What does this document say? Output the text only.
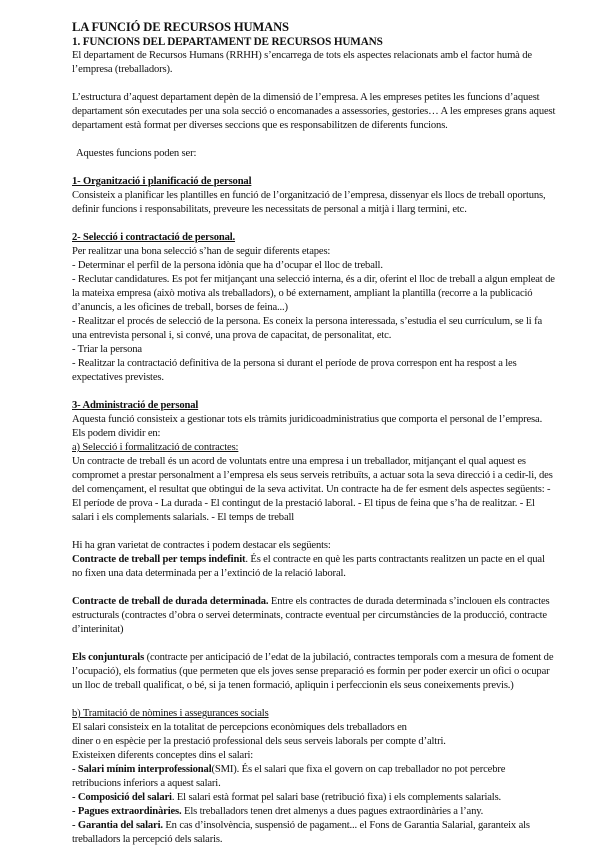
LA FUNCIÓ DE RECURSOS HUMANS
1. FUNCIONS DEL DEPARTAMENT DE RECURSOS HUMANS

El departament de Recursos Humans (RRHH) s’encarrega de tots els aspectes relacionats amb el factor humà de l’empresa (treballadors).

L’estructura d’aquest departament depèn de la dimensió de l’empresa. A les empreses petites les funcions d’aquest departament són executades per una sola secció o encomanades a assessories, gestories… A les empreses grans aquest departament està format per diverses seccions que es responsabilitzen de diferents funcions.

Aquestes funcions poden ser:

1- Organització i planificació de personal

Consisteix a planificar les plantilles en funció de l’organització de l’empresa, dissenyar els llocs de treball oportuns, definir funcions i responsabilitats, preveure les necessitats de personal a mitjà i llarg termini, etc.

2- Selecció i contractació de personal.

Per realitzar una bona selecció s’han de seguir diferents etapes:

- Determinar el perfil de la persona idònia que ha d’ocupar el lloc de treball.

- Reclutar candidatures. Es pot fer mitjançant una selecció interna, és a dir, oferint el lloc de treball a algun empleat de la mateixa empresa (això motiva als treballadors), o bé externament, ampliant la plantilla (recorre a la publicació d’anuncis, a les oficines de treball, borses de feina...)

- Realitzar el procés de selecció de la persona. Es coneix la persona interessada, s’estudia el seu currículum, se li fa una entrevista personal i, si convé, una prova de capacitat, de personalitat, etc.

- Triar la persona

- Realitzar la contractació definitiva de la persona si durant el període de prova correspon ent ha respost a les expectatives previstes.

3- Administració de personal

Aquesta funció consisteix a gestionar tots els tràmits juridicoadministratius que comporta el personal de l’empresa. Els podem dividir en:

a) Selecció i formalització de contractes:

Un contracte de treball és un acord de voluntats entre una empresa i un treballador, mitjançant el qual aquest es compromet a prestar personalment a l’empresa els seus serveis retribuïts, a actuar sota la seva direcció i a cedir-li, des del començament, el resultat que obtingui de la seva activitat. Un contracte ha de fer esment dels aspectes següents: - El període de prova - La durada - El contingut de la prestació laboral. - El tipus de feina que s’ha de realitzar. - El salari i els complements salarials. - El temps de treball

Hi ha gran varietat de contractes i podem destacar els següents:

Contracte de treball per temps indefinit. És el contracte en què les parts contractants realitzen un pacte en el qual no fixen una data determinada per a l’extinció de la relació laboral.

Contracte de treball de durada determinada. Entre els contractes de durada determinada s’inclouen els contractes estructurals (contractes d’obra o servei determinats, contracte eventual per circumstàncies de la producció, contracte d’interinitat)

Els conjunturals (contracte per anticipació de l’edat de la jubilació, contractes temporals com a mesura de foment de l’ocupació), els formatius (que permeten que els joves sense preparació es formin per poder exercir un ofici o ocupar un lloc de treball qualificat, o bé, si ja tenen formació, apliquin i perfeccionin els seus coneixements previs.)

b) Tramitació de nòmines i assegurances socials

El salari consisteix en la totalitat de percepcions econòmiques dels treballadors en

diner o en espècie per la prestació professional dels seus serveis laborals per compte d’altri.

Existeixen diferents conceptes dins el salari:

- Salari mínim interprofessional(SMI). És el salari que fixa el govern on cap treballador no pot percebre retribucions inferiors a aquest salari.

- Composició del salari. El salari està format pel salari base (retribució fixa) i els complements salarials.

- Pagues extraordinàries. Els treballadors tenen dret almenys a dues pagues extraordinàries a l’any.

- Garantia del salari. En cas d’insolvència, suspensió de pagament... el Fons de Garantia Salarial, garanteix als treballadors la percepció dels salaris.
